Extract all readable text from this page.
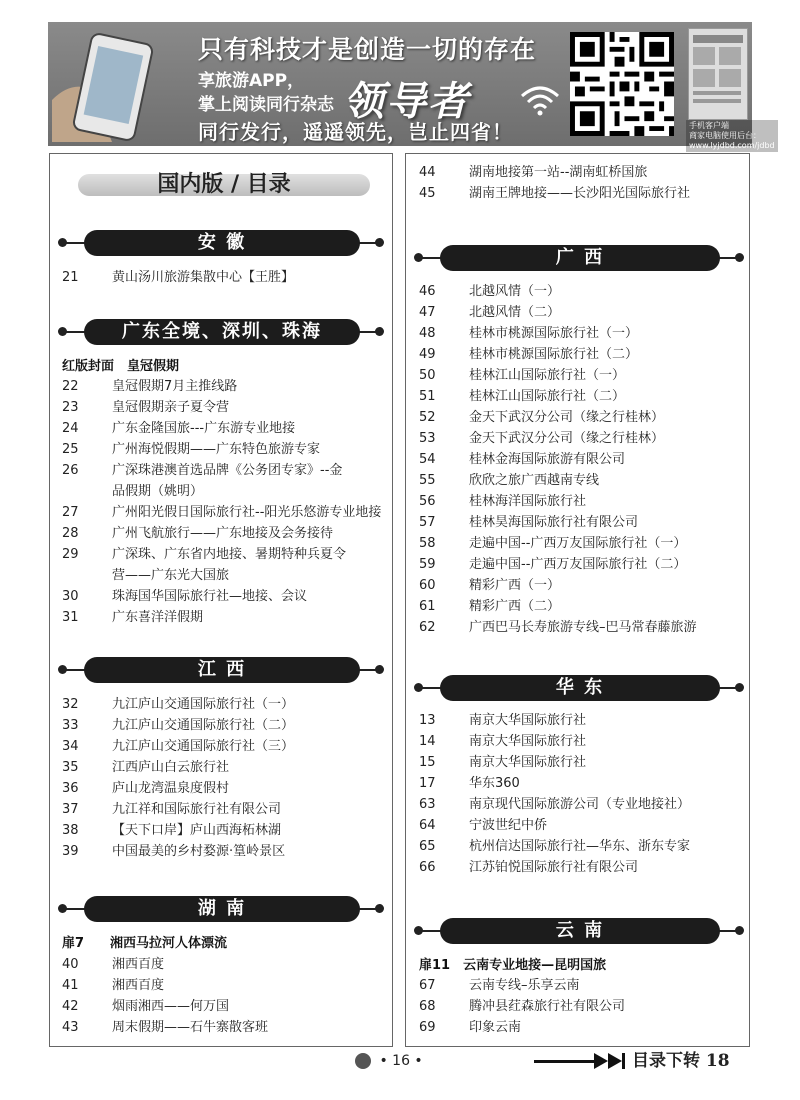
只有科技才是创造一切的存在
享旅游APP，
掌上阅读同行杂志 领导者
同行发行，遥遥领先，岂止四省！	手机客户端
商家电脑使用后台：
www.lyjdbd.com/jdbd
国内版 / 目录
安 徽
21	黄山汤川旅游集散中心【王胜】
广东全境、深圳、珠海
红版封面　皇冠假期
22	皇冠假期7月主推线路
23	皇冠假期亲子夏令营
24	广东金隆国旅---广东游专业地接
25	广州海悦假期——广东特色旅游专家
26	广深珠港澳首选品牌《公务团专家》--金
品假期（姚明）
27	广州阳光假日国际旅行社--阳光乐悠游专业地接
28	广州飞航旅行——广东地接及会务接待
29	广深珠、广东省内地接、暑期特种兵夏令
营——广东光大国旅
30	珠海国华国际旅行社—地接、会议
31	广东喜洋洋假期
江 西
32	九江庐山交通国际旅行社（一）
33	九江庐山交通国际旅行社（二）
34	九江庐山交通国际旅行社（三）
35	江西庐山白云旅行社
36	庐山龙湾温泉度假村
37	九江祥和国际旅行社有限公司
38	【天下口岸】庐山西海柘林湖
39	中国最美的乡村婺源·篁岭景区
湖 南
扉7　　湘西马拉河人体漂流
40	湘西百度
41	湘西百度
42	烟雨湘西——何万国
43	周末假期——石牛寨散客班
44	湖南地接第一站--湖南虹桥国旅
45	湖南王牌地接——长沙阳光国际旅行社
广 西
46	北越风情（一）
47	北越风情（二）
48	桂林市桃源国际旅行社（一）
49	桂林市桃源国际旅行社（二）
50	桂林江山国际旅行社（一）
51	桂林江山国际旅行社（二）
52	金天下武汉分公司（缘之行桂林）
53	金天下武汉分公司（缘之行桂林）
54	桂林金海国际旅游有限公司
55	欣欣之旅广西越南专线
56	桂林海洋国际旅行社
57	桂林昊海国际旅行社有限公司
58	走遍中国--广西万友国际旅行社（一）
59	走遍中国--广西万友国际旅行社（二）
60	精彩广西（一）
61	精彩广西（二）
62	广西巴马长寿旅游专线–巴马常春藤旅游
华 东
13	南京大华国际旅行社
14	南京大华国际旅行社
15	南京大华国际旅行社
17	华东360
63	南京现代国际旅游公司（专业地接社）
64	宁波世纪中侨
65	杭州信达国际旅行社—华东、浙东专家
66	江苏铂悦国际旅行社有限公司
云 南
扉11　云南专业地接—昆明国旅
67	云南专线–乐享云南
68	腾冲县荭森旅行社有限公司
69	印象云南
• 16 •	目录下转 18
